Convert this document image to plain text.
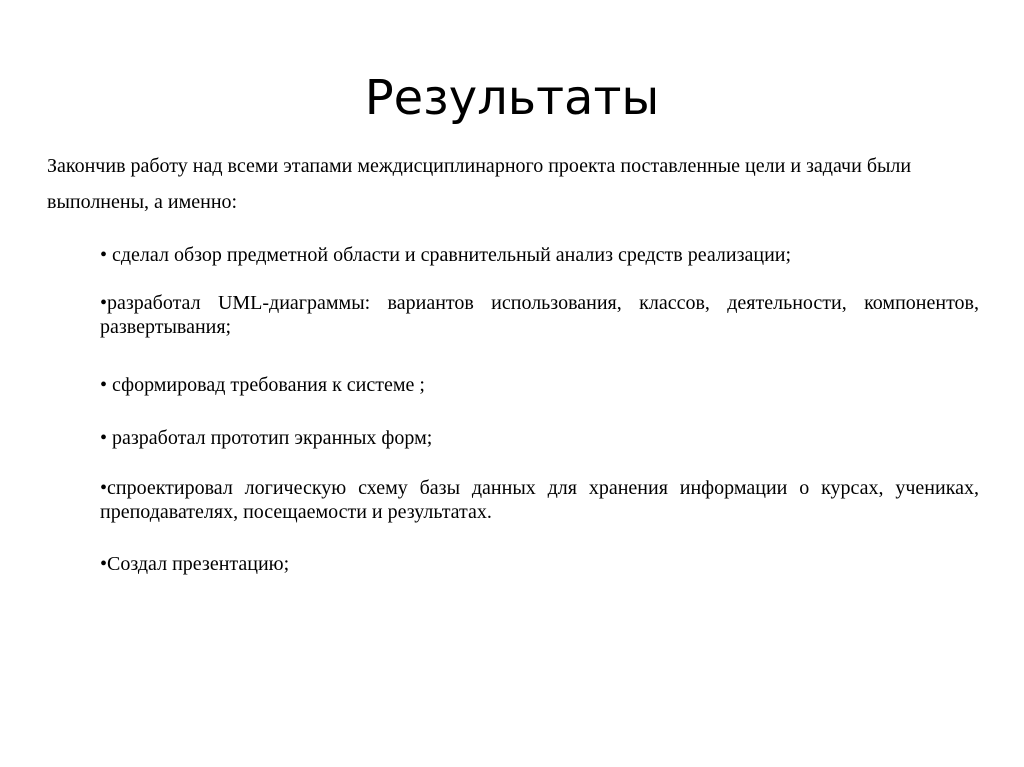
Результаты

Закончив работу над всеми этапами междисциплинарного проекта поставленные цели и задачи были выполнены, а именно:

• сделал обзор предметной области и сравнительный анализ средств реализации;
•разработал UML-диаграммы: вариантов использования, классов, деятельности, компонентов, развертывания;
• сформировад требования к системе ;
• разработал прототип экранных форм;
•спроектировал логическую схему базы данных для хранения информации о курсах, учениках, преподавателях, посещаемости и результатах.
•Создал презентацию;
